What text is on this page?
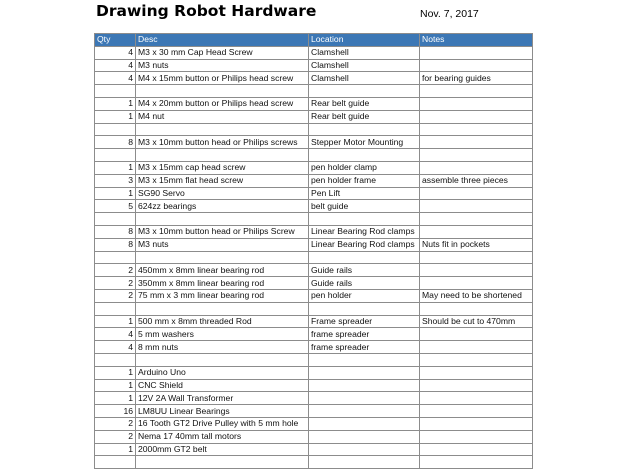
Drawing Robot Hardware	Nov. 7, 2017
Qty	Desc	Location	Notes
4	M3 x 30 mm Cap Head Screw	Clamshell	
4	M3 nuts	Clamshell	
4	M4 x 15mm button or Philips head screw	Clamshell	for bearing guides

1	M4 x 20mm button or Philips head screw	Rear belt guide	
1	M4 nut	Rear belt guide	

8	M3 x 10mm button head or Philips screws	Stepper Motor Mounting	

1	M3 x 15mm cap head screw	pen holder clamp	
3	M3 x 15mm flat head screw	pen holder frame	assemble three pieces
1	SG90 Servo	Pen Lift	
5	624zz bearings	belt guide	

8	M3 x 10mm button head or Philips Screw	Linear Bearing Rod clamps	
8	M3 nuts	Linear Bearing Rod clamps	Nuts fit in pockets

2	450mm x 8mm linear bearing rod	Guide rails	
2	350mm x 8mm linear bearing rod	Guide rails	
2	75 mm x 3 mm linear bearing rod	pen holder	May need to be shortened

1	500 mm x 8mm threaded Rod	Frame spreader	Should be cut to 470mm
4	5 mm washers	frame spreader	
4	8 mm nuts	frame spreader	

1	Arduino Uno		
1	CNC Shield		
1	12V 2A Wall Transformer		
16	LM8UU Linear Bearings		
2	16 Tooth GT2 Drive Pulley with 5 mm hole		
2	Nema 17 40mm tall motors		
1	2000mm GT2 belt		
